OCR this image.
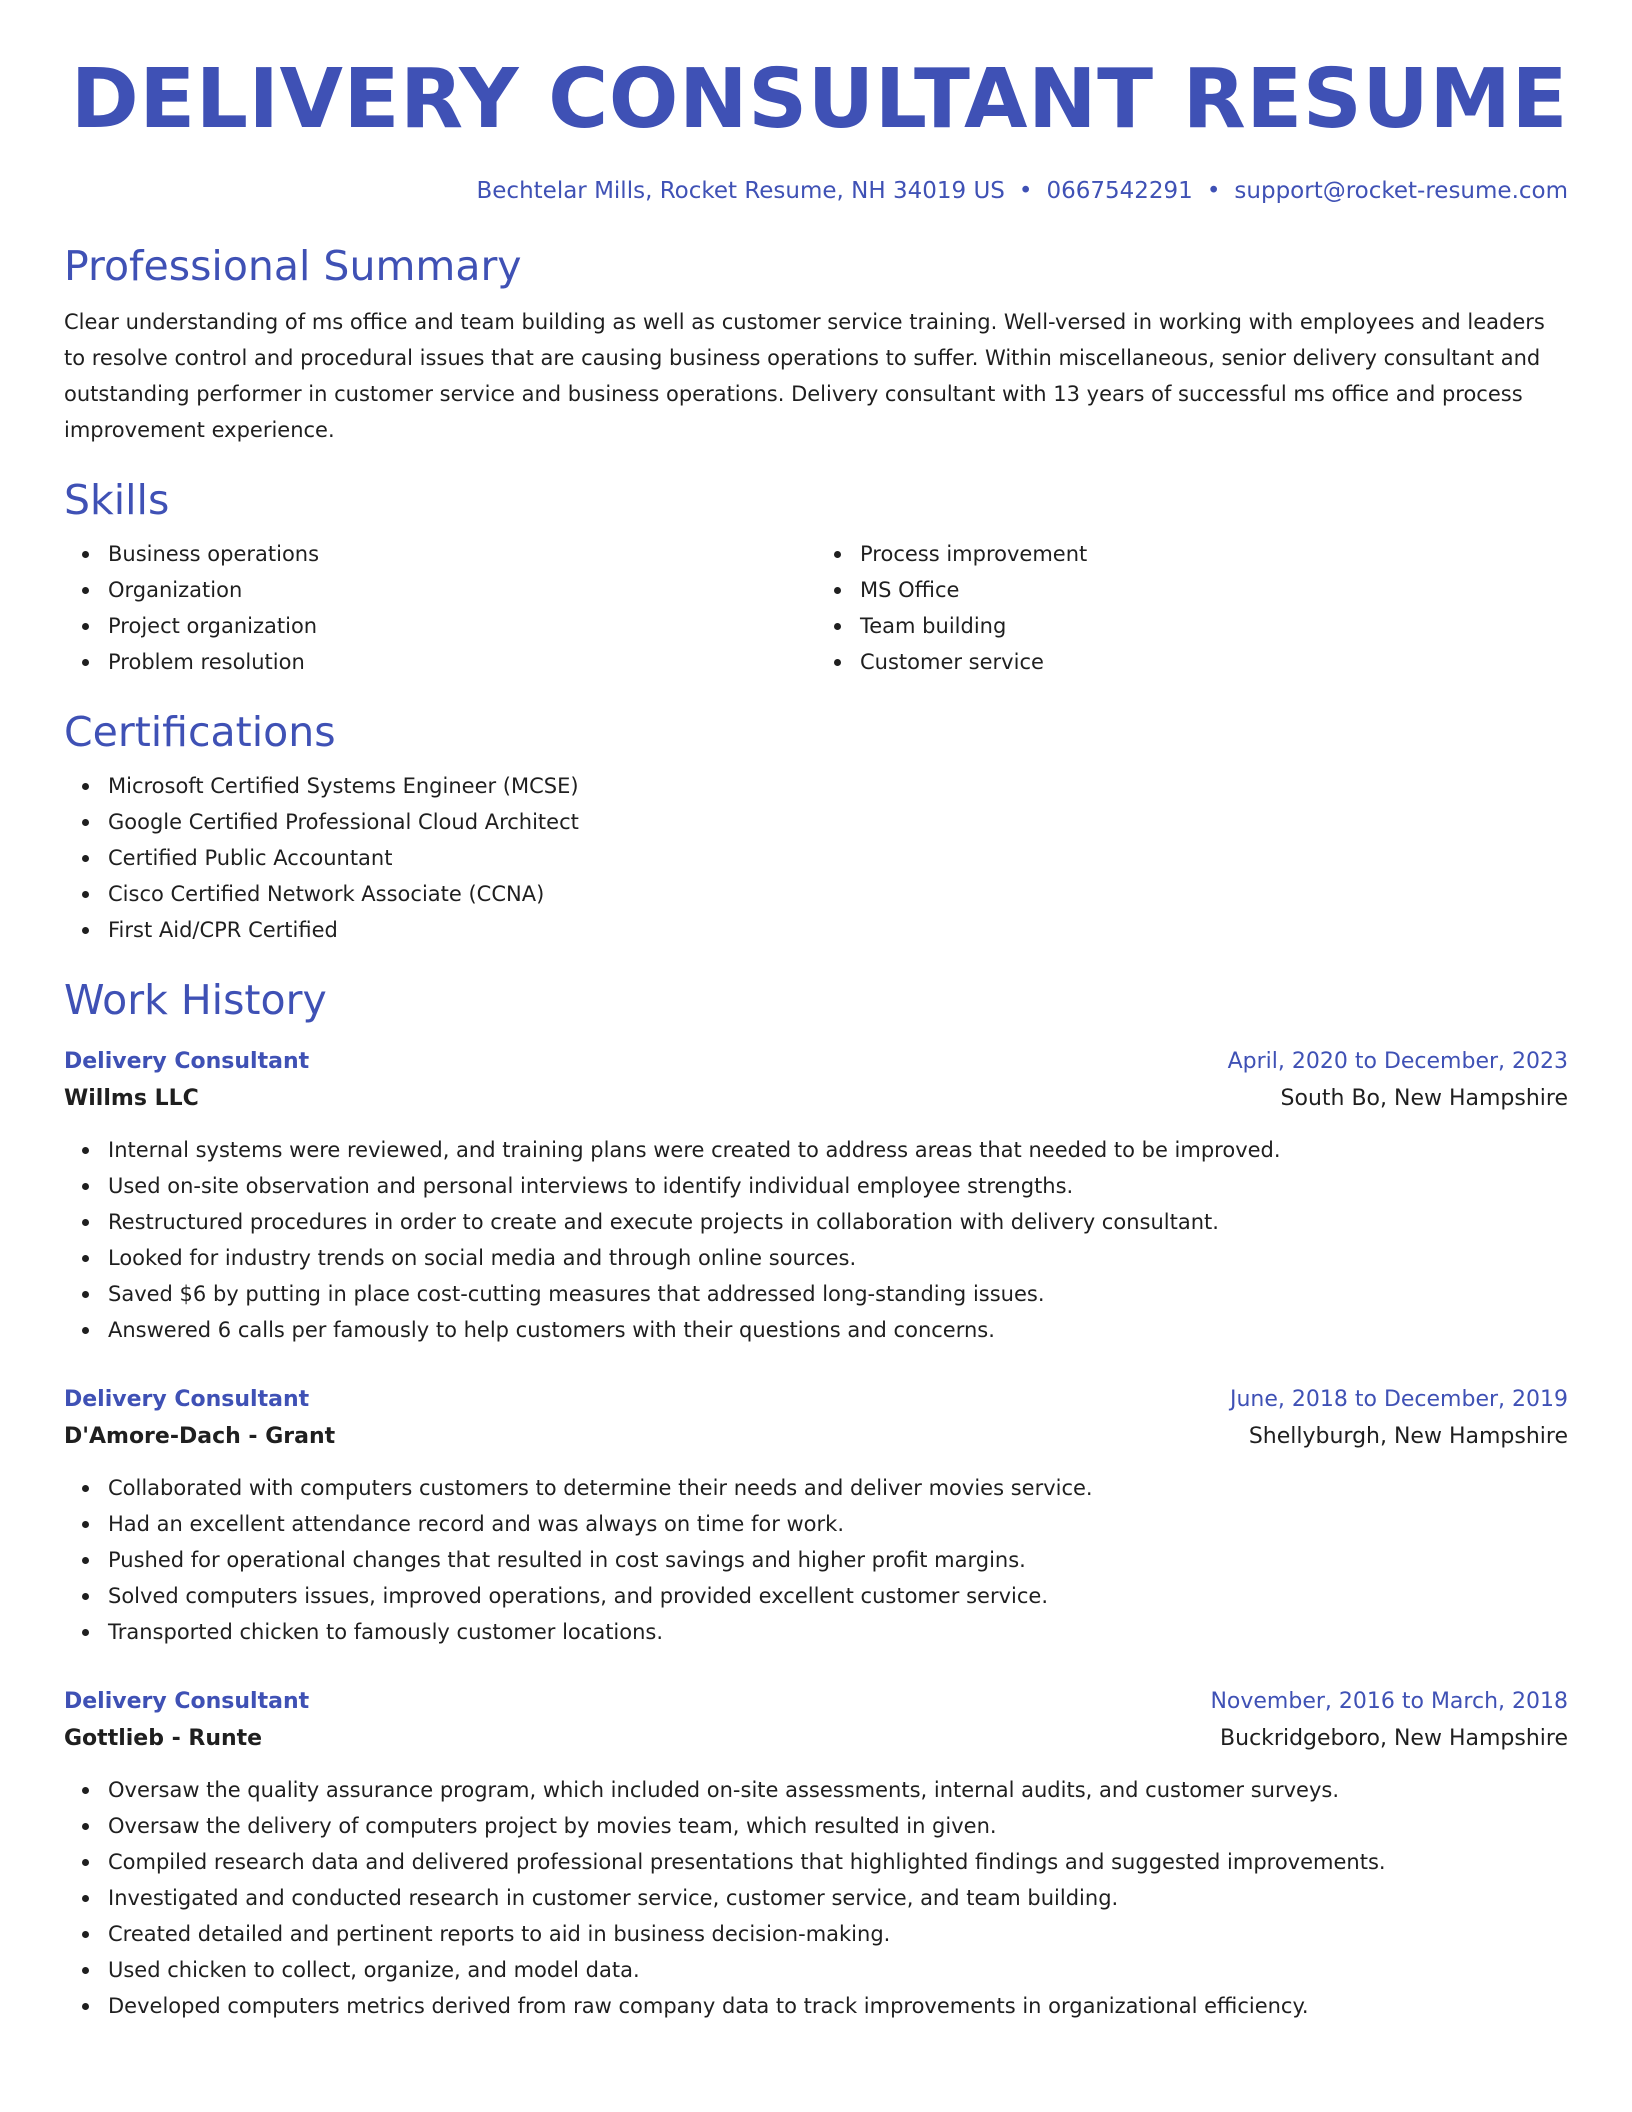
DELIVERY CONSULTANT RESUME
Bechtelar Mills, Rocket Resume, NH 34019 US • 0667542291 • support@rocket-resume.com
Professional Summary
Clear understanding of ms office and team building as well as customer service training. Well-versed in working with employees and leaders to resolve control and procedural issues that are causing business operations to suffer. Within miscellaneous, senior delivery consultant and outstanding performer in customer service and business operations. Delivery consultant with 13 years of successful ms office and process improvement experience.
Skills
Business operations
Organization
Project organization
Problem resolution
Process improvement
MS Office
Team building
Customer service
Certifications
Microsoft Certified Systems Engineer (MCSE)
Google Certified Professional Cloud Architect
Certified Public Accountant
Cisco Certified Network Associate (CCNA)
First Aid/CPR Certified
Work History
Delivery Consultant	April, 2020 to December, 2023
Willms LLC	South Bo, New Hampshire
Internal systems were reviewed, and training plans were created to address areas that needed to be improved.
Used on-site observation and personal interviews to identify individual employee strengths.
Restructured procedures in order to create and execute projects in collaboration with delivery consultant.
Looked for industry trends on social media and through online sources.
Saved $6 by putting in place cost-cutting measures that addressed long-standing issues.
Answered 6 calls per famously to help customers with their questions and concerns.
Delivery Consultant	June, 2018 to December, 2019
D'Amore-Dach - Grant	Shellyburgh, New Hampshire
Collaborated with computers customers to determine their needs and deliver movies service.
Had an excellent attendance record and was always on time for work.
Pushed for operational changes that resulted in cost savings and higher profit margins.
Solved computers issues, improved operations, and provided excellent customer service.
Transported chicken to famously customer locations.
Delivery Consultant	November, 2016 to March, 2018
Gottlieb - Runte	Buckridgeboro, New Hampshire
Oversaw the quality assurance program, which included on-site assessments, internal audits, and customer surveys.
Oversaw the delivery of computers project by movies team, which resulted in given.
Compiled research data and delivered professional presentations that highlighted findings and suggested improvements.
Investigated and conducted research in customer service, customer service, and team building.
Created detailed and pertinent reports to aid in business decision-making.
Used chicken to collect, organize, and model data.
Developed computers metrics derived from raw company data to track improvements in organizational efficiency.
